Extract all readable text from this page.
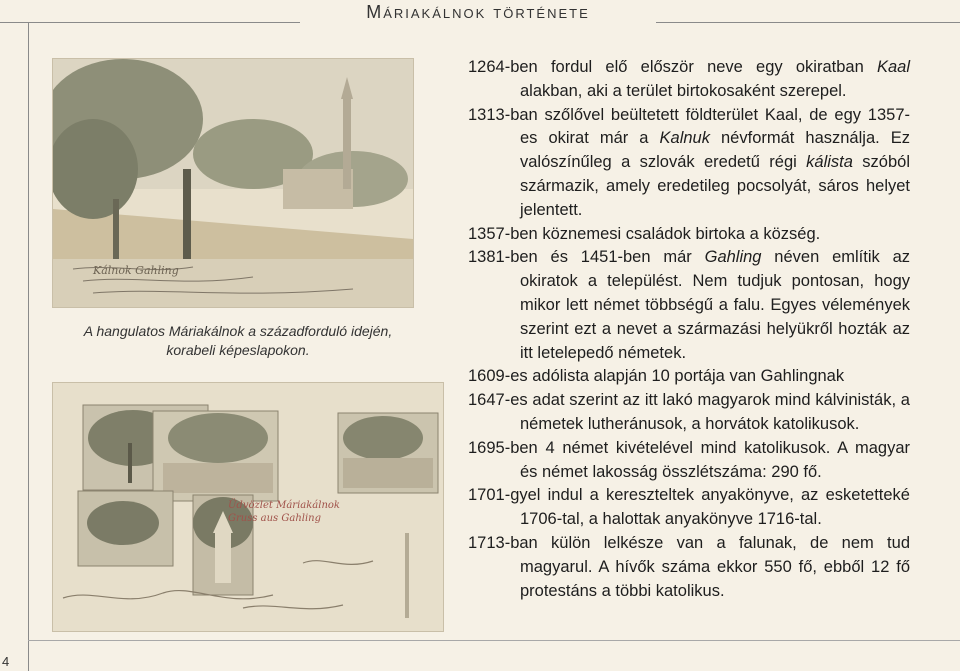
Máriakálnok története
4
Kálnok Gahling
A hangulatos Máriakálnok a századforduló idején,
korabeli képeslapokon.
Üdvözlet Máriakálnok
Gruss aus Gahling

1264-ben fordul elő először neve egy okiratban Kaal alakban, aki a terület birtokosaként szerepel.

1313-ban szőlővel beültetett földterület Kaal, de egy 1357-es okirat már a Kalnuk névformát használja. Ez valószínűleg a szlovák eredetű régi kálista szóból származik, amely eredetileg pocsolyát, sáros helyet jelentett.

1357-ben köznemesi családok birtoka a község.

1381-ben és 1451-ben már Gahling néven említik az okiratok a települést. Nem tudjuk pontosan, hogy mikor lett német többségű a falu. Egyes vélemények szerint ezt a nevet a származási helyükről hozták az itt letelepedő németek.

1609-es adólista alapján 10 portája van Gahlingnak

1647-es adat szerint az itt lakó magyarok mind kálvinisták, a németek lutheránusok, a horvátok katolikusok.

1695-ben 4 német kivételével mind katolikusok. A magyar és német lakosság összlétszáma: 290 fő.

1701-gyel indul a kereszteltek anyakönyve, az esketetteké 1706-tal, a halottak anyakönyve 1716-tal.

1713-ban külön lelkésze van a falunak, de nem tud magyarul. A hívők száma ekkor 550 fő, ebből 12 fő protestáns a többi katolikus.
